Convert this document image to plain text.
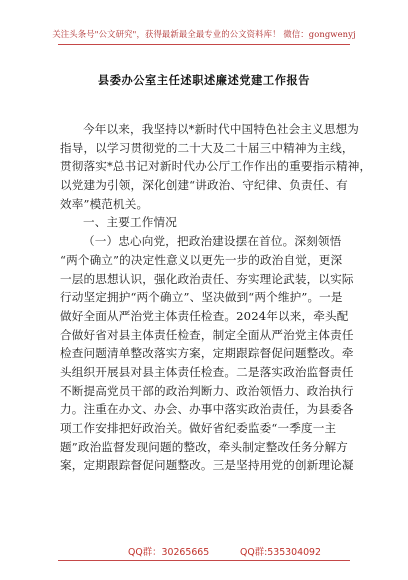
关注头条号"公文研究"，获得最新最全最专业的公文资料库！ 微信：gongwenyj
县委办公室主任述职述廉述党建工作报告
今年以来，我坚持以*新时代中国特色社会主义思想为
指导，以学习贯彻党的二十大及二十届三中精神为主线，
贯彻落实*总书记对新时代办公厅工作作出的重要指示精神，
以党建为引领，深化创建“讲政治、守纪律、负责任、有
效率”模范机关。
一、主要工作情况
（一）忠心向党，把政治建设摆在首位。深刻领悟
“两个确立”的决定性意义以更先一步的政治自觉，更深
一层的思想认识，强化政治责任、夯实理论武装，以实际
行动坚定拥护“两个确立”、坚决做到“两个维护”。一是
做好全面从严治党主体责任检查。2024年以来，牵头配
合做好省对县主体责任检查，制定全面从严治党主体责任
检查问题清单整改落实方案，定期跟踪督促问题整改。牵
头组织开展县对县主体责任检查。二是落实政治监督责任
不断提高党员干部的政治判断力、政治领悟力、政治执行
力。注重在办文、办会、办事中落实政治责任，为县委各
项工作安排把好政治关。做好省纪委监委“一季度一主
题”政治监督发现问题的整改，牵头制定整改任务分解方
案，定期跟踪督促问题整改。三是坚持用党的创新理论凝
QQ群：30265665	QQ群:535304092
